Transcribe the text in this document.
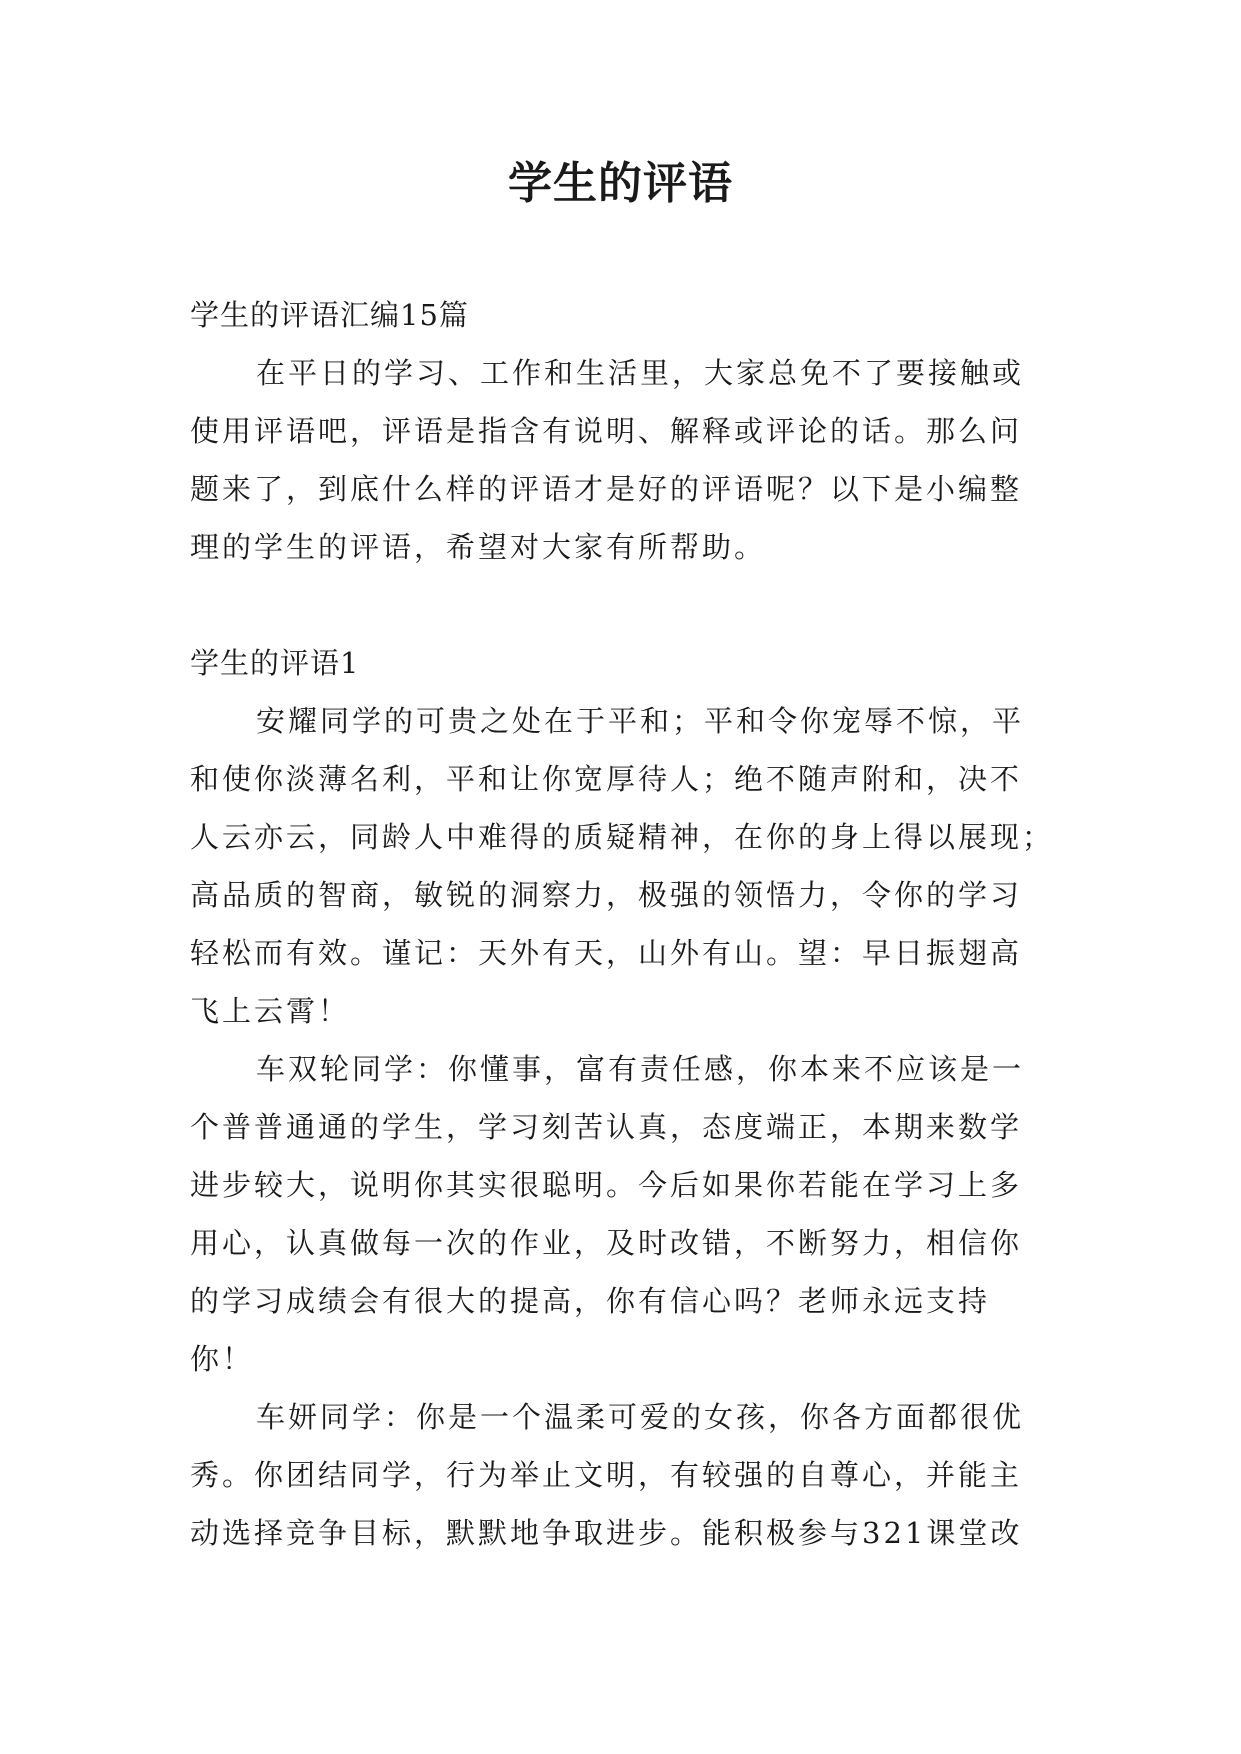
学生的评语

学生的评语汇编15篇

在平日的学习、工作和生活里，大家总免不了要接触或
使用评语吧，评语是指含有说明、解释或评论的话。那么问
题来了，到底什么样的评语才是好的评语呢？以下是小编整
理的学生的评语，希望对大家有所帮助。

学生的评语1

安耀同学的可贵之处在于平和；平和令你宠辱不惊，平
和使你淡薄名利，平和让你宽厚待人；绝不随声附和，决不
人云亦云，同龄人中难得的质疑精神，在你的身上得以展现；
高品质的智商，敏锐的洞察力，极强的领悟力，令你的学习
轻松而有效。谨记：天外有天，山外有山。望：早日振翅高
飞上云霄！

车双轮同学：你懂事，富有责任感，你本来不应该是一
个普普通通的学生，学习刻苦认真，态度端正，本期来数学
进步较大，说明你其实很聪明。今后如果你若能在学习上多
用心，认真做每一次的作业，及时改错，不断努力，相信你
的学习成绩会有很大的提高，你有信心吗？老师永远支持
你！

车妍同学：你是一个温柔可爱的女孩，你各方面都很优
秀。你团结同学，行为举止文明，有较强的自尊心，并能主
动选择竞争目标，默默地争取进步。能积极参与321课堂改
